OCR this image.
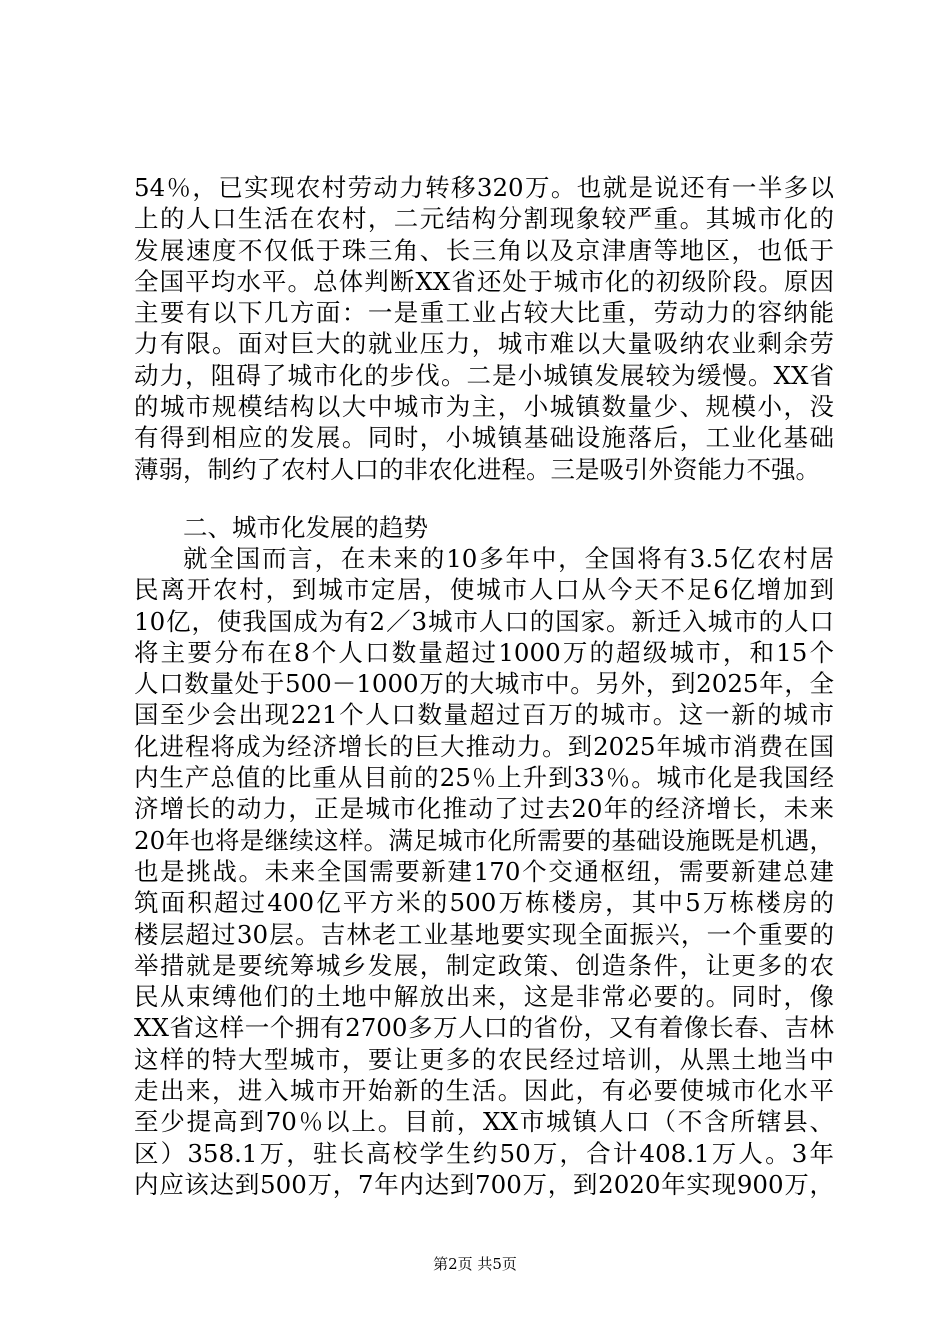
54％，已实现农村劳动力转移320万。也就是说还有一半多以
上的人口生活在农村，二元结构分割现象较严重。其城市化的
发展速度不仅低于珠三角、长三角以及京津唐等地区，也低于
全国平均水平。总体判断XX省还处于城市化的初级阶段。原因
主要有以下几方面：一是重工业占较大比重，劳动力的容纳能
力有限。面对巨大的就业压力，城市难以大量吸纳农业剩余劳
动力，阻碍了城市化的步伐。二是小城镇发展较为缓慢。XX省
的城市规模结构以大中城市为主，小城镇数量少、规模小，没
有得到相应的发展。同时，小城镇基础设施落后，工业化基础
薄弱，制约了农村人口的非农化进程。三是吸引外资能力不强。
二、城市化发展的趋势
就全国而言，在未来的10多年中，全国将有3.5亿农村居
民离开农村，到城市定居，使城市人口从今天不足6亿增加到
10亿，使我国成为有2／3城市人口的国家。新迁入城市的人口
将主要分布在8个人口数量超过1000万的超级城市，和15个
人口数量处于500－1000万的大城市中。另外，到2025年，全
国至少会出现221个人口数量超过百万的城市。这一新的城市
化进程将成为经济增长的巨大推动力。到2025年城市消费在国
内生产总值的比重从目前的25％上升到33％。城市化是我国经
济增长的动力，正是城市化推动了过去20年的经济增长，未来
20年也将是继续这样。满足城市化所需要的基础设施既是机遇，
也是挑战。未来全国需要新建170个交通枢纽，需要新建总建
筑面积超过400亿平方米的500万栋楼房，其中5万栋楼房的
楼层超过30层。吉林老工业基地要实现全面振兴，一个重要的
举措就是要统筹城乡发展，制定政策、创造条件，让更多的农
民从束缚他们的土地中解放出来，这是非常必要的。同时，像
XX省这样一个拥有2700多万人口的省份，又有着像长春、吉林
这样的特大型城市，要让更多的农民经过培训，从黑土地当中
走出来，进入城市开始新的生活。因此，有必要使城市化水平
至少提高到70％以上。目前，XX市城镇人口（不含所辖县、
区）358.1万，驻长高校学生约50万，合计408.1万人。3年
内应该达到500万，7年内达到700万，到2020年实现900万，
第2页 共5页
